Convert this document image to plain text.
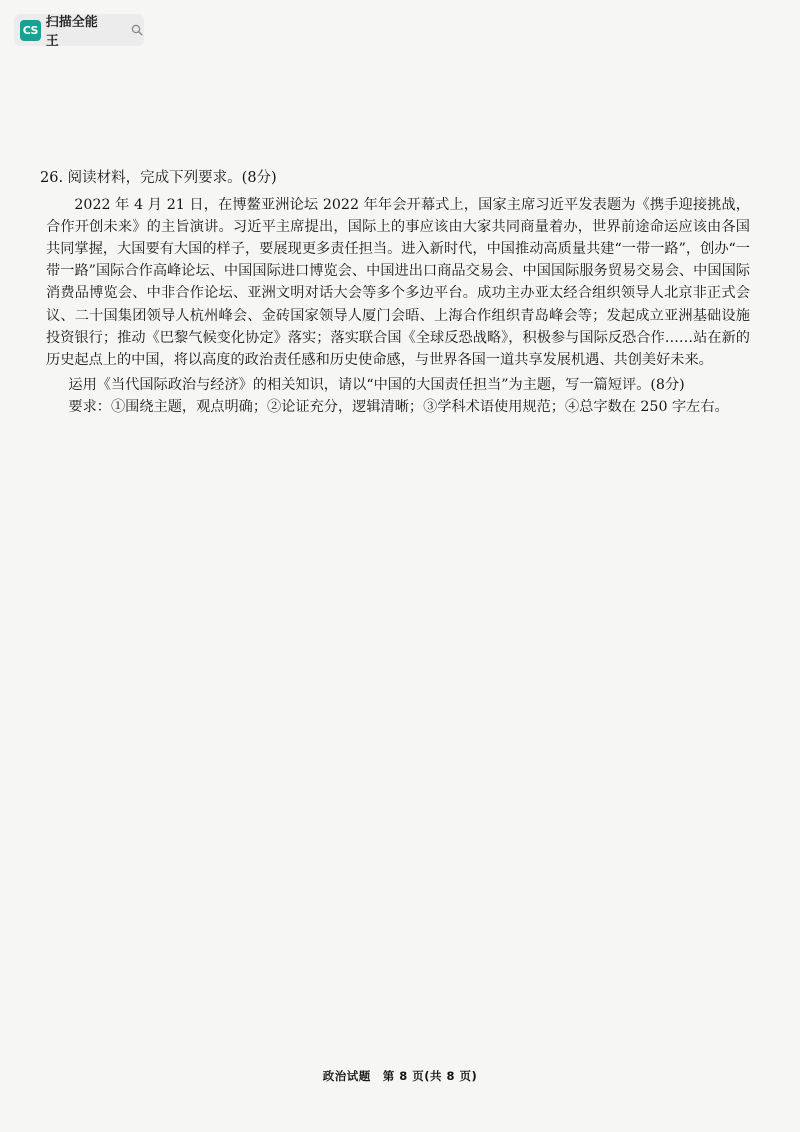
CS 扫描全能王

26. 阅读材料，完成下列要求。(8分)

2022 年 4 月 21 日，在博鳌亚洲论坛 2022 年年会开幕式上，国家主席习近平发表题为《携手迎接挑战，合作开创未来》的主旨演讲。习近平主席提出，国际上的事应该由大家共同商量着办，世界前途命运应该由各国共同掌握，大国要有大国的样子，要展现更多责任担当。进入新时代，中国推动高质量共建“一带一路”，创办“一带一路”国际合作高峰论坛、中国国际进口博览会、中国进出口商品交易会、中国国际服务贸易交易会、中国国际消费品博览会、中非合作论坛、亚洲文明对话大会等多个多边平台。成功主办亚太经合组织领导人北京非正式会议、二十国集团领导人杭州峰会、金砖国家领导人厦门会晤、上海合作组织青岛峰会等；发起成立亚洲基础设施投资银行；推动《巴黎气候变化协定》落实；落实联合国《全球反恐战略》，积极参与国际反恐合作……站在新的历史起点上的中国，将以高度的政治责任感和历史使命感，与世界各国一道共享发展机遇、共创美好未来。

运用《当代国际政治与经济》的相关知识，请以“中国的大国责任担当”为主题，写一篇短评。(8分)

要求：①围绕主题，观点明确；②论证充分，逻辑清晰；③学科术语使用规范；④总字数在 250 字左右。

政治试题　第 8 页(共 8 页)
